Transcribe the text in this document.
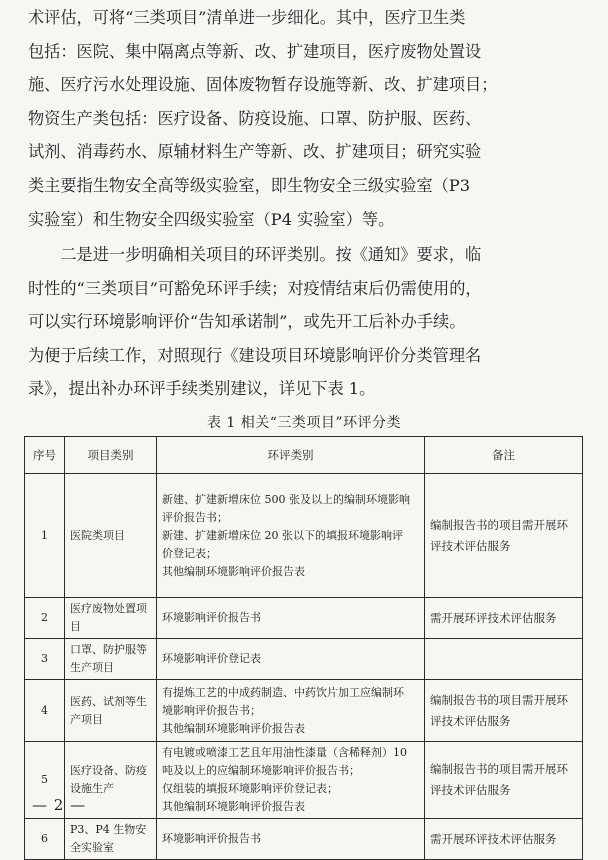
术评估，可将“三类项目”清单进一步细化。其中，医疗卫生类
包括：医院、集中隔离点等新、改、扩建项目，医疗废物处置设
施、医疗污水处理设施、固体废物暂存设施等新、改、扩建项目；
物资生产类包括：医疗设备、防疫设施、口罩、防护服、医药、
试剂、消毒药水、原辅材料生产等新、改、扩建项目；研究实验
类主要指生物安全高等级实验室，即生物安全三级实验室（P3
实验室）和生物安全四级实验室（P4 实验室）等。
　　二是进一步明确相关项目的环评类别。按《通知》要求，临
时性的“三类项目”可豁免环评手续；对疫情结束后仍需使用的，
可以实行环境影响评价“告知承诺制”，或先开工后补办手续。
为便于后续工作，对照现行《建设项目环境影响评价分类管理名
录》，提出补办环评手续类别建议，详见下表 1。
表 1 相关“三类项目”环评分类
序号	项目类别	环评类别	备注
1	医院类项目	新建、扩建新增床位 500 张及以上的编制环境影响
评价报告书；
新建、扩建新增床位 20 张以下的填报环境影响评
价登记表；
其他编制环境影响评价报告表	编制报告书的项目需开展环评技术评估服务
2	医疗废物处置项目	环境影响评价报告书	需开展环评技术评估服务
3	口罩、防护服等生产项目	环境影响评价登记表	

4	医药、试剂等生产项目	有提炼工艺的中成药制造、中药饮片加工应编制环
境影响评价报告书；
其他编制环境影响评价报告表	编制报告书的项目需开展环评技术评估服务
5	医疗设备、防疫设施生产	有电镀或喷漆工艺且年用油性漆量（含稀释剂）10
吨及以上的应编制环境影响评价报告书；
仅组装的填报环境影响评价登记表；
其他编制环境影响评价报告表	编制报告书的项目需开展环评技术评估服务
6	P3、P4 生物安全实验室	环境影响评价报告书	需开展环评技术评估服务
— 2 —
